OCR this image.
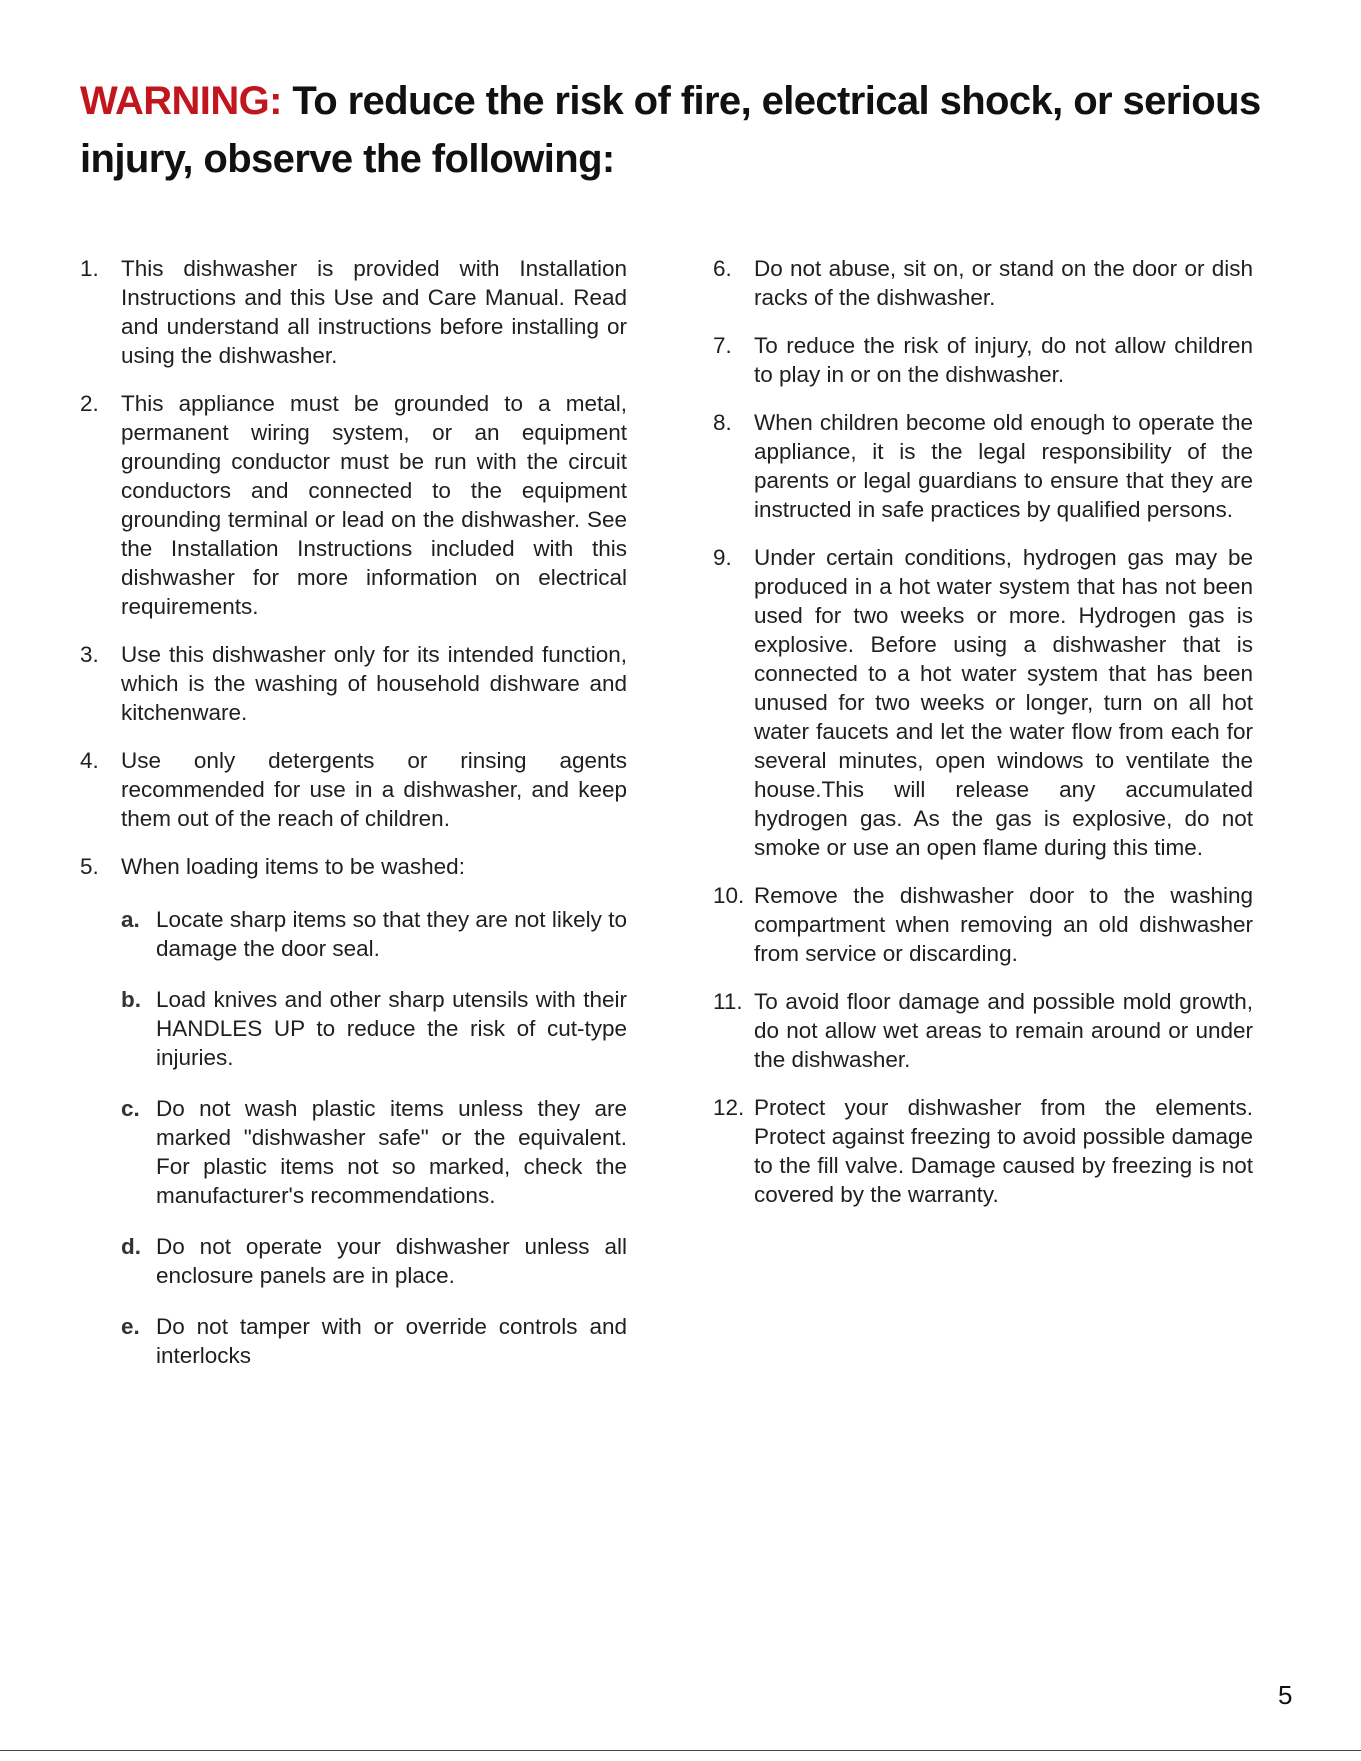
WARNING: To reduce the risk of fire, electrical shock, or serious injury, observe the following:
1. This dishwasher is provided with Installation Instructions and this Use and Care Manual. Read and understand all instructions before installing or using the dishwasher.
2. This appliance must be grounded to a metal, permanent wiring system, or an equipment grounding conductor must be run with the circuit conductors and connected to the equipment grounding terminal or lead on the dishwasher. See the Installation Instructions included with this dishwasher for more information on electrical requirements.
3. Use this dishwasher only for its intended function, which is the washing of household dishware and kitchenware.
4. Use only detergents or rinsing agents recommended for use in a dishwasher, and keep them out of the reach of children.
5. When loading items to be washed:
a. Locate sharp items so that they are not likely to damage the door seal.
b. Load knives and other sharp utensils with their HANDLES UP to reduce the risk of cut-type injuries.
c. Do not wash plastic items unless they are marked "dishwasher safe" or the equivalent. For plastic items not so marked, check the manufacturer's recommendations.
d. Do not operate your dishwasher unless all enclosure panels are in place.
e. Do not tamper with or override controls and interlocks
6. Do not abuse, sit on, or stand on the door or dish racks of the dishwasher.
7. To reduce the risk of injury, do not allow children to play in or on the dishwasher.
8. When children become old enough to operate the appliance, it is the legal responsibility of the parents or legal guardians to ensure that they are instructed in safe practices by qualified persons.
9. Under certain conditions, hydrogen gas may be produced in a hot water system that has not been used for two weeks or more. Hydrogen gas is explosive. Before using a dishwasher that is connected to a hot water system that has been unused for two weeks or longer, turn on all hot water faucets and let the water flow from each for several minutes, open windows to ventilate the house.This will release any accumulated hydrogen gas. As the gas is explosive, do not smoke or use an open flame during this time.
10. Remove the dishwasher door to the washing compartment when removing an old dishwasher from service or discarding.
11. To avoid floor damage and possible mold growth, do not allow wet areas to remain around or under the dishwasher.
12. Protect your dishwasher from the elements. Protect against freezing to avoid possible damage to the fill valve. Damage caused by freezing is not covered by the warranty.
5
